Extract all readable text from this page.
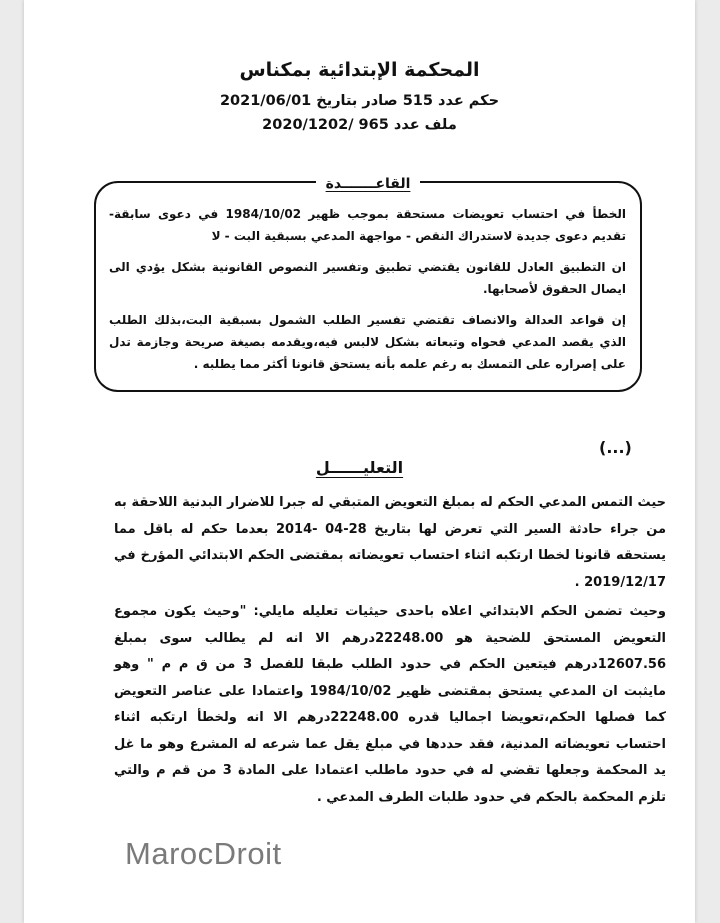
المحكمة الإبتدائية بمكناس
حكم عدد 515 صادر بتاريخ 2021/06/01
ملف عدد 965 /2020/1202
القاعـــــــدة

الخطأ في احتساب تعويضات مستحقة بموجب ظهير 1984/10/02 في دعوى سابقة- تقديم دعوى جديدة لاستدراك النقص - مواجهة المدعي بسبقية البت - لا

ان التطبيق العادل للقانون يقتضي تطبيق وتفسير النصوص القانونية بشكل يؤدي الى ايصال الحقوق لأصحابها.

إن قواعد العدالة والانصاف تقتضي تفسير الطلب الشمول بسبقية البت،بذلك الطلب الذي يقصد المدعي فحواه وتبعاته بشكل لالبس فيه،ويقدمه بصيغة صريحة وجازمة تدل على إصراره على التمسك به رغم علمه بأنه يستحق قانونا أكثر مما يطلبه .

(...)
التعليــــــل

حيث التمس المدعي الحكم له بمبلغ التعويض المتبقي له جبرا للاضرار البدنية اللاحقة به من جراء حادثة السير التي تعرض لها بتاريخ 28-04 -2014 بعدما حكم له باقل مما يستحقه قانونا لخطا ارتكبه اثناء احتساب تعويضاته بمقتضى الحكم الابتدائي المؤرخ في 2019/12/17 .

وحيث تضمن الحكم الابتدائي اعلاه باحدى حيثيات تعليله مايلي: "وحيث يكون مجموع التعويض المستحق للضحية هو 22248.00درهم الا انه لم يطالب سوى بمبلغ 12607.56درهم فيتعين الحكم في حدود الطلب طبقا للفصل 3 من ق م م " وهو مايثبت ان المدعي يستحق بمقتضى ظهير 1984/10/02 واعتمادا على عناصر التعويض كما فصلها الحكم،تعويضا اجماليا قدره 22248.00درهم الا انه ولخطأ ارتكبه اثناء احتساب تعويضاته المدنية، فقد حددها في مبلغ يقل عما شرعه له المشرع وهو ما غل يد المحكمة وجعلها تقضي له في حدود ماطلب اعتمادا على المادة 3 من قم م والتي تلزم المحكمة بالحكم في حدود طلبات الطرف المدعي .

MarocDroit
